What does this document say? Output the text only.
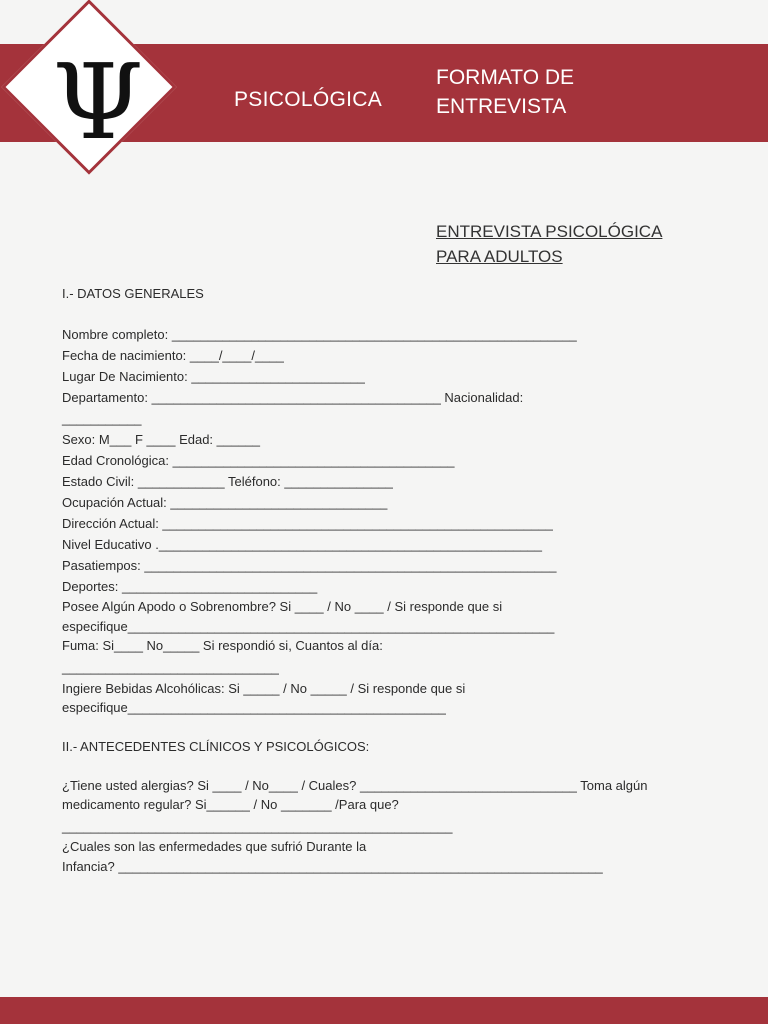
Ψ	PSICOLÓGICA
FORMATO DE
ENTREVISTA
ENTREVISTA PSICOLÓGICA
PARA ADULTOS
I.- DATOS GENERALES
Nombre completo: ________________________________________________________
Fecha de nacimiento: ____/____/____
Lugar De Nacimiento: ________________________
Departamento: ________________________________________ Nacionalidad:
___________
Sexo: M___ F ____ Edad: ______
Edad Cronológica: _______________________________________
Estado Civil: ____________ Teléfono: _______________
Ocupación Actual: ______________________________
Dirección Actual: ______________________________________________________
Nivel Educativo ._____________________________________________________
Pasatiempos: _________________________________________________________
Deportes: ___________________________
Posee Algún Apodo o Sobrenombre? Si ____ / No ____ / Si responde que si
especifique___________________________________________________________
Fuma: Si____ No_____ Si respondió si, Cuantos al día:
______________________________
Ingiere Bebidas Alcohólicas: Si _____ / No _____ / Si responde que si
especifique____________________________________________
II.- ANTECEDENTES CLÍNICOS Y PSICOLÓGICOS:
¿Tiene usted alergias? Si ____ / No____ / Cuales? ______________________________ Toma algún
medicamento regular? Si______ / No _______ /Para que?
______________________________________________________
¿Cuales son las enfermedades que sufrió Durante la
Infancia? ___________________________________________________________________
